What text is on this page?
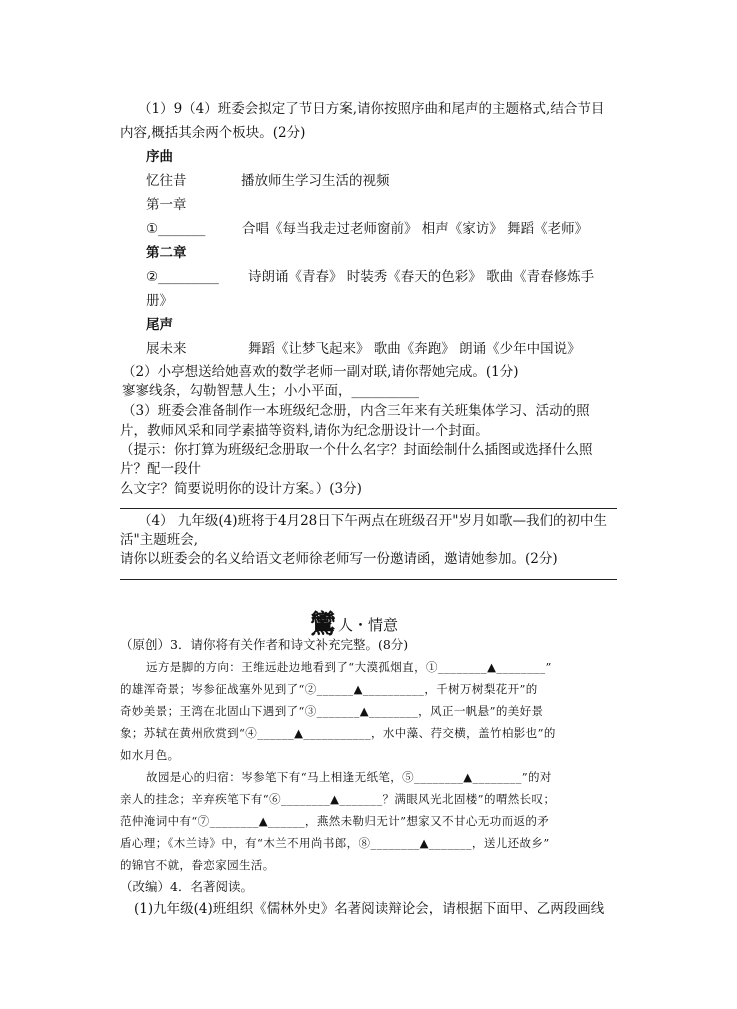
（1）9（4）班委会拟定了节日方案,请你按照序曲和尾声的主题格式,结合节目
内容,概括其余两个板块。(2分)
序曲
忆往昔	播放师生学习生活的视频
第一章
①_______	合唱《每当我走过老师窗前》 相声《家访》 舞蹈《老师》
第二章
②_________ 诗朗诵《青春》 时装秀《春天的色彩》 歌曲《青春修炼手
册》
尾声
展未来	舞蹈《让梦飞起来》 歌曲《奔跑》 朗诵《少年中国说》
（2）小亭想送给她喜欢的数学老师一副对联,请你帮她完成。(1分)
寥寥线条，勾勒智慧人生；小小平面，__________
（3）班委会准备制作一本班级纪念册，内含三年来有关班集体学习、活动的照
片，教师风采和同学素描等资料,请你为纪念册设计一个封面。
（提示：你打算为班级纪念册取一个什么名字？封面绘制什么插图或选择什么照
片？配一段什
么文字？简要说明你的设计方案。）(3分)
（4） 九年级(4)班将于4月28日下午两点在班级召开"岁月如歌—我们的初中生
活"主题班会,
请你以班委会的名义给语文老师徐老师写一份邀请函，邀请她参加。(2分)
鸞人・情意
（原创）3．请你将有关作者和诗文补充完整。(8分)
远方是脚的方向：王维远赴边地看到了“大漠孤烟直，①________▲________”
的雄浑奇景；岑参征战塞外见到了“②______▲__________，千树万树梨花开”的
奇妙美景；王湾在北固山下遇到了“③_______▲________，风正一帆悬”的美好景
象；苏轼在黄州欣赏到“④______▲___________，水中藻、荇交横，盖竹柏影也”的
如水月色。
故园是心的归宿：岑参笔下有“马上相逢无纸笔，⑤________▲________”的对
亲人的挂念；辛弃疾笔下有“⑥________▲_______？满眼风光北固楼”的喟然长叹；
范仲淹词中有“⑦________▲______，燕然未勒归无计”想家又不甘心无功而返的矛
盾心理；《木兰诗》中，有“木兰不用尚书郎，⑧________▲_______，送儿还故乡”
的锦官不就，眷恋家园生活。
（改编）4．名著阅读。
(1)九年级(4)班组织《儒林外史》名著阅读辩论会，请根据下面甲、乙两段画线
